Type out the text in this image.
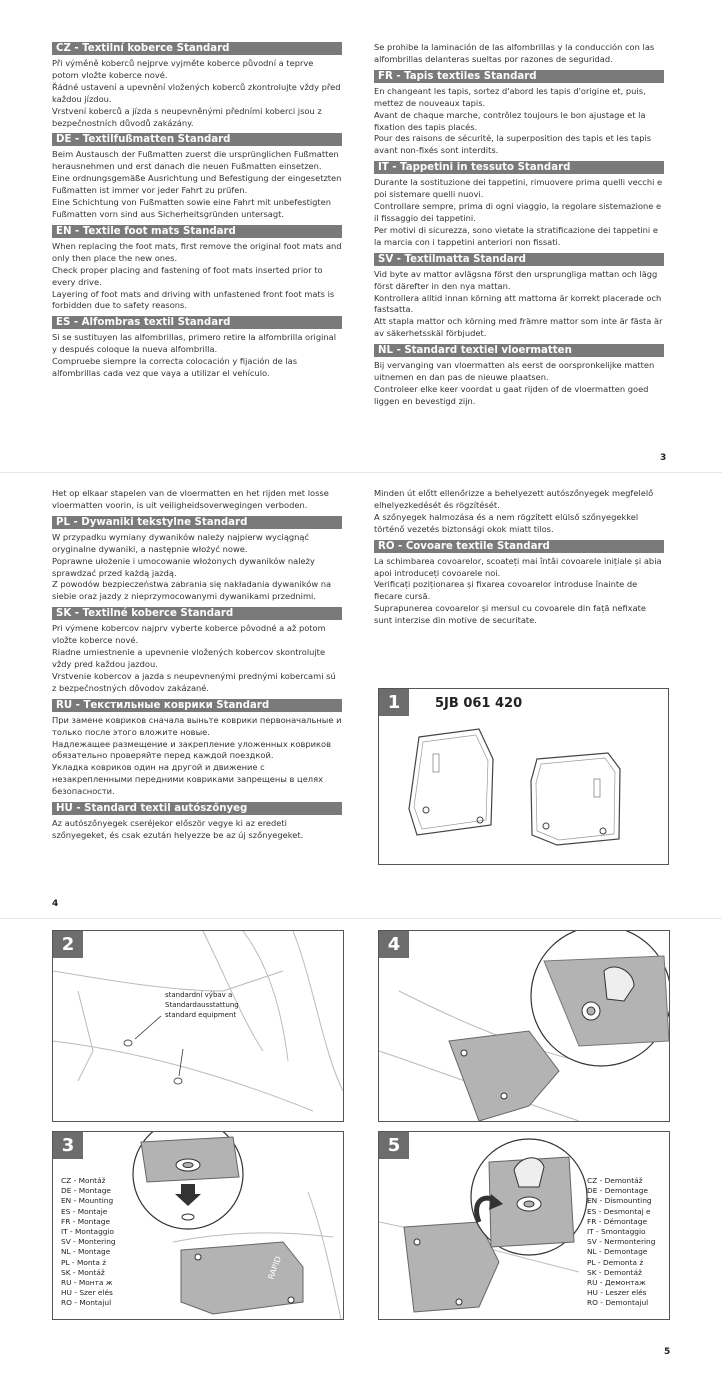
CZ - Textilní koberce Standard

Při výměně koberců nejprve vyjměte koberce původní a teprve potom vložte koberce nové.

Řádné ustavení a upevnění vložených koberců zkontrolujte vždy před každou jízdou.

Vrstvení koberců a jízda s neupevněnými předními koberci jsou z bezpečnostních důvodů zakázány.

DE - Textilfußmatten Standard

Beim Austausch der Fußmatten zuerst die ursprünglichen Fußmatten herausnehmen und erst danach die neuen Fußmatten einsetzen.

Eine ordnungsgemäße Ausrichtung und Befestigung der eingesetzten Fußmatten ist immer vor jeder Fahrt zu prüfen.

Eine Schichtung von Fußmatten sowie eine Fahrt mit unbefestigten Fußmatten vorn sind aus Sicherheitsgründen untersagt.

EN - Textile foot mats Standard

When replacing the foot mats, first remove the original foot mats and only then place the new ones.

Check proper placing and fastening of foot mats inserted prior to every drive.

Layering of foot mats and driving with unfastened front foot mats is forbidden due to safety reasons.

ES - Alfombras textil Standard

Si se sustituyen las alfombrillas, primero retire la alfombrilla original y después coloque la nueva alfombrilla.

Compruebe siempre la correcta colocación y fijación de las alfombrillas cada vez que vaya a utilizar el vehículo.

Se prohibe la laminación de las alfombrillas y la conducción con las alfombrillas delanteras sueltas por razones de seguridad.

FR - Tapis textiles Standard

En changeant les tapis, sortez d'abord les tapis d'origine et, puis, mettez de nouveaux tapis.

Avant de chaque marche, contrôlez toujours le bon ajustage et la fixation des tapis placés.

Pour des raisons de sécurité, la superposition des tapis et les tapis avant non-fixés sont interdits.

IT - Tappetini in tessuto Standard

Durante la sostituzione dei tappetini, rimuovere prima quelli vecchi e poi sistemare quelli nuovi.

Controllare sempre, prima di ogni viaggio, la regolare sistemazione e il fissaggio dei tappetini.

Per motivi di sicurezza, sono vietate la stratificazione dei tappetini e la marcia con i tappetini anteriori non fissati.

SV - Textilmatta Standard

Vid byte av mattor avlägsna först den ursprungliga mattan och lägg först därefter in den nya mattan.

Kontrollera alltid innan körning att mattorna är korrekt placerade och fastsatta.

Att stapla mattor och körning med främre mattor som inte är fästa är av säkerhetsskäl förbjudet.

NL - Standard textiel vloermatten

Bij vervanging van vloermatten als eerst de oorspronkelijke matten uitnemen en dan pas de nieuwe plaatsen.

Controleer elke keer voordat u gaat rijden of de vloermatten goed liggen en bevestigd zijn.

3

Het op elkaar stapelen van de vloermatten en het rijden met losse vloermatten voorin, is uit veiligheidsoverwegingen verboden.

PL - Dywaniki tekstylne Standard

W przypadku wymiany dywaników należy najpierw wyciągnąć oryginalne dywaniki, a następnie włożyć nowe.

Poprawne ułożenie i umocowanie włożonych dywaników należy sprawdzać przed każdą jazdą.

Z powodów bezpieczeństwa zabrania się nakładania dywaników na siebie oraz jazdy z nieprzymocowanymi dywanikami przednimi.

SK - Textilné koberce Standard

Pri výmene kobercov najprv vyberte koberce pôvodné a až potom vložte koberce nové.

Riadne umiestnenie a upevnenie vložených kobercov skontrolujte vždy pred každou jazdou.

Vrstvenie kobercov a jazda s neupevnenými prednými kobercami sú z bezpečnostných dôvodov zakázané.

RU - Текстильные коврики Standard

При замене ковриков сначала выньте коврики первоначальные и только после этого вложите новые.

Надлежащее размещение и закрепление уложенных ковриков обязательно проверяйте перед каждой поездкой.

Укладка ковриков один на другой и движение с незакрепленными передними ковриками запрещены в целях безопасности.

HU - Standard textil autószőnyeg

Az autószőnyegek cseréjekor először vegye ki az eredeti szőnyegeket, és csak ezután helyezze be az új szőnyegeket.

Minden út előtt ellenőrizze a behelyezett autószőnyegek megfelelő elhelyezkedését és rögzítését.

A szőnyegek halmozása és a nem rögzített elülső szőnyegekkel történő vezetés biztonsági okok miatt tilos.

RO - Covoare textile Standard

La schimbarea covoarelor, scoateți mai întâi covoarele inițiale și abia apoi introduceți covoarele noi.

Verificați poziționarea și fixarea covoarelor introduse înainte de fiecare cursă.

Suprapunerea covoarelor și mersul cu covoarele din față nefixate sunt interzise din motive de securitate.

1	5JB 061 420
4
2
standardní výbav a
Standardausstattung
standard equipment
4
RAPID
3
CZ - Montáž
DE - Montage
EN - Mounting
ES - Montaje
FR - Montage
IT - Montaggio
SV - Montering
NL - Montage
PL - Monta ż
SK - Montáž
RU - Монта ж
HU - Szer elés
RO - Montajul
5
CZ - Demontáž
DE - Demontage
EN - Dismounting
ES - Desmontaj e
FR - Démontage
IT - Smontaggio
SV - Nermontering
NL - Demontage
PL - Demonta ż
SK - Demontáž
RU - Демонтаж
HU - Leszer elés
RO - Demontajul
5
